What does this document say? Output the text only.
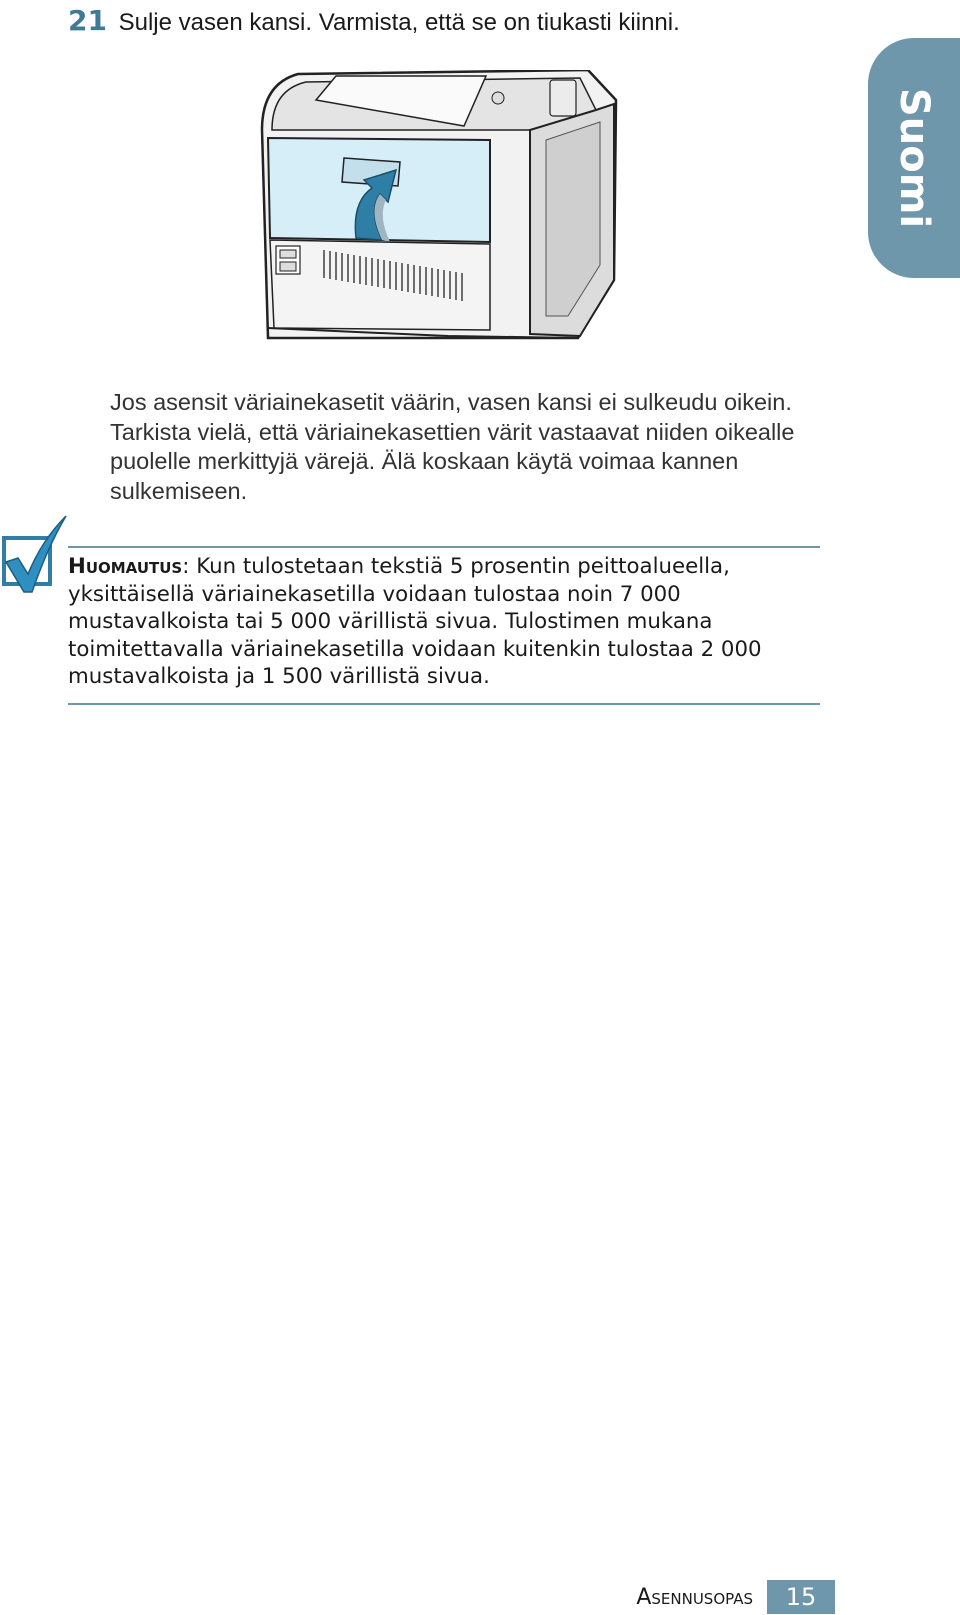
21 Sulje vasen kansi. Varmista, että se on tiukasti kiinni.
Suomi
Jos asensit väriainekasetit väärin, vasen kansi ei sulkeudu oikein. Tarkista vielä, että väriainekasettien värit vastaavat niiden oikealle puolelle merkittyjä värejä. Älä koskaan käytä voimaa kannen sulkemiseen.
Huomautus: Kun tulostetaan tekstiä 5 prosentin peittoalueella, yksittäisellä väriainekasetilla voidaan tulostaa noin 7 000 mustavalkoista tai 5 000 värillistä sivua. Tulostimen mukana toimitettavalla väriainekasetilla voidaan kuitenkin tulostaa 2 000 mustavalkoista ja 1 500 värillistä sivua.
Asennusopas	15
